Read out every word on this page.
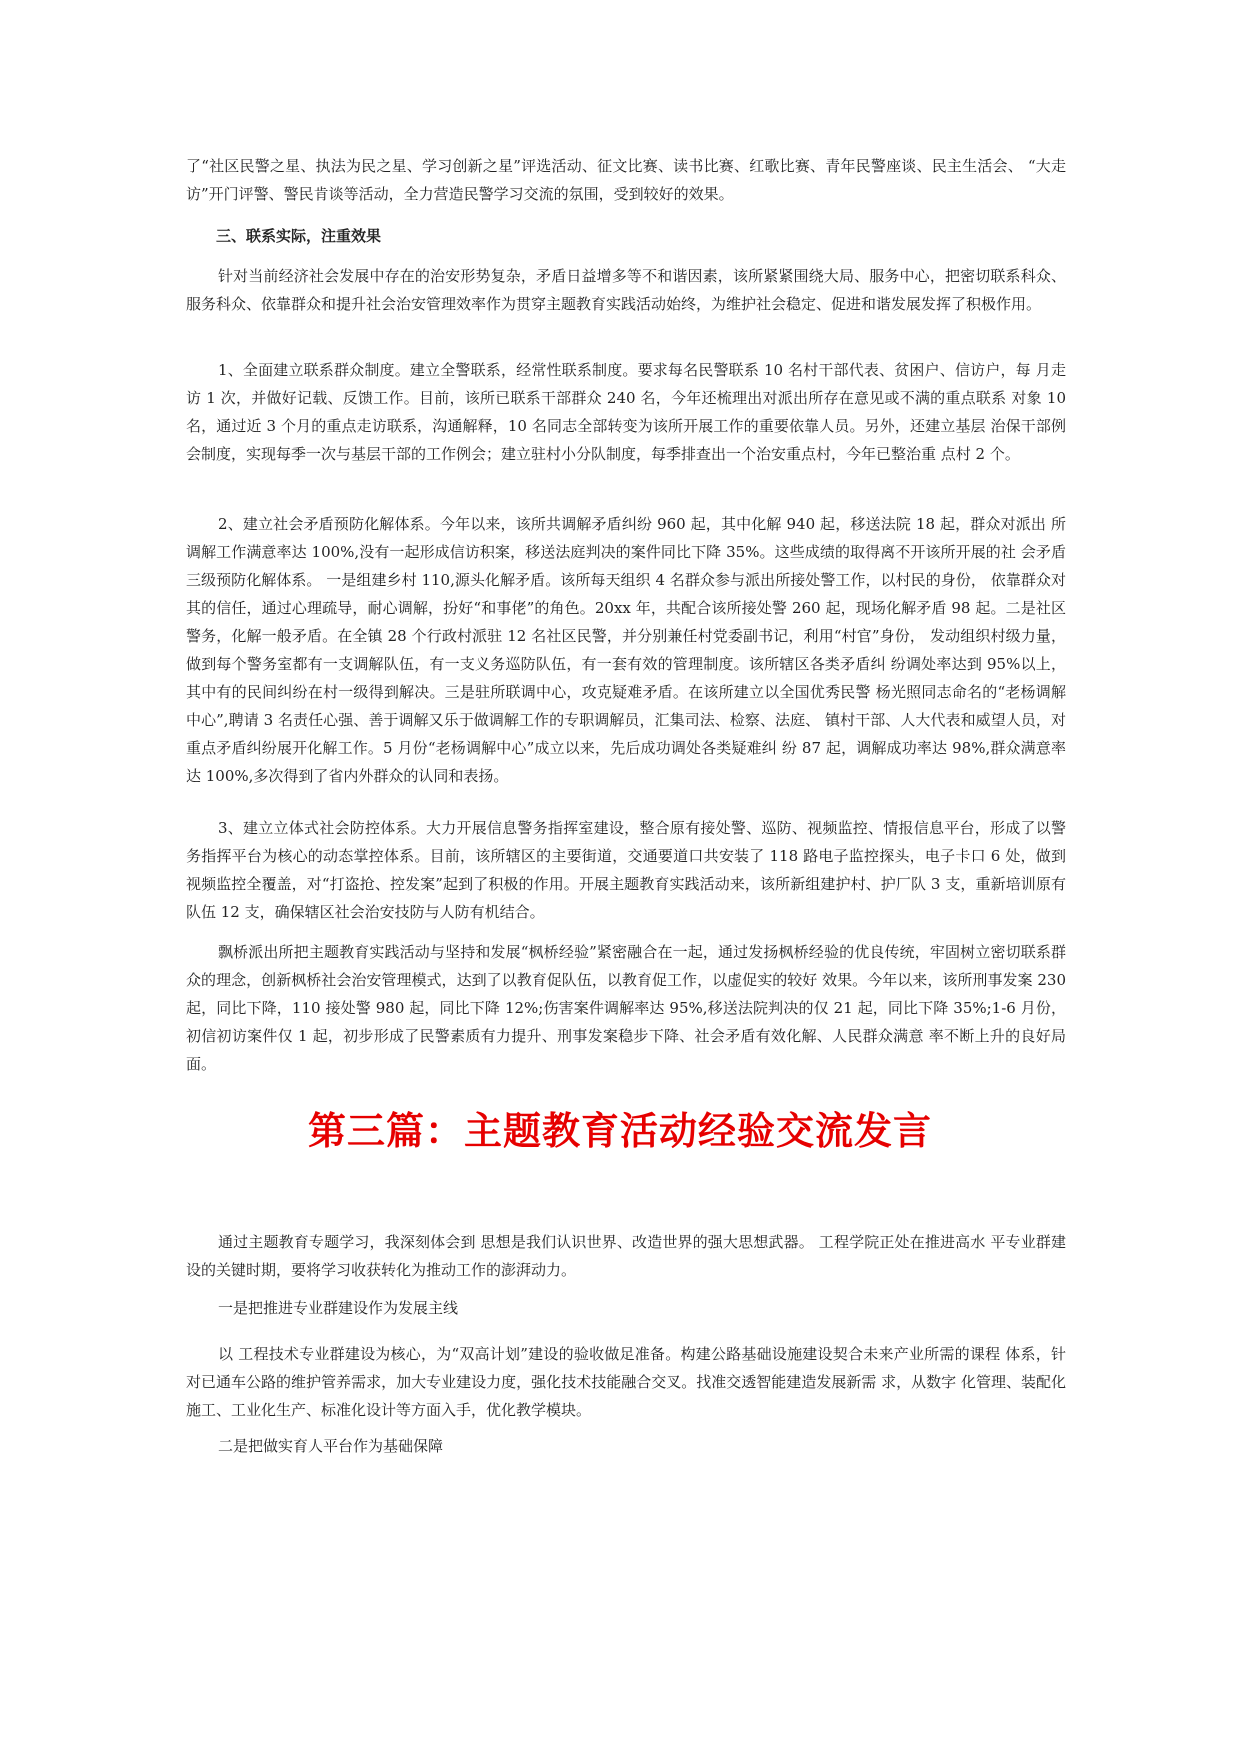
了“社区民警之星、执法为民之星、学习创新之星”评选活动、征文比赛、读书比赛、红歌比赛、青年民警座谈、民主生活会、 “大走访”开门评警、警民肯谈等活动，全力营造民警学习交流的氛围，受到较好的效果。

三、联系实际，注重效果

针对当前经济社会发展中存在的治安形势复杂，矛盾日益增多等不和谐因素，该所紧紧围绕大局、服务中心，把密切联系科众、服务科众、依靠群众和提升社会治安管理效率作为贯穿主题教育实践活动始终，为维护社会稳定、促进和谐发展发挥了积极作用。

1、全面建立联系群众制度。建立全警联系，经常性联系制度。要求每名民警联系 10 名村干部代表、贫困户、信访户，每 月走访 1 次，并做好记载、反馈工作。目前，该所已联系干部群众 240 名，今年还梳理出对派出所存在意见或不满的重点联系 对象 10 名，通过近 3 个月的重点走访联系，沟通解释，10 名同志全部转变为该所开展工作的重要依靠人员。另外，还建立基层 治保干部例会制度，实现每季一次与基层干部的工作例会；建立驻村小分队制度，每季排查出一个治安重点村，今年已整治重 点村 2 个。

2、建立社会矛盾预防化解体系。今年以来，该所共调解矛盾纠纷 960 起，其中化解 940 起，移送法院 18 起，群众对派出 所调解工作满意率达 100%,没有一起形成信访积案，移送法庭判决的案件同比下降 35%。这些成绩的取得离不开该所开展的社 会矛盾三级预防化解体系。 一是组建乡村 110,源头化解矛盾。该所每天组织 4 名群众参与派出所接处警工作，以村民的身份， 依靠群众对其的信任，通过心理疏导，耐心调解，扮好“和事佬”的角色。20xx 年，共配合该所接处警 260 起，现场化解矛盾 98 起。二是社区警务，化解一般矛盾。在全镇 28 个行政村派驻 12 名社区民警，并分别兼任村党委副书记，利用“村官”身份， 发动组织村级力量，做到每个警务室都有一支调解队伍，有一支义务巡防队伍，有一套有效的管理制度。该所辖区各类矛盾纠 纷调处率达到 95%以上，其中有的民间纠纷在村一级得到解决。三是驻所联调中心，攻克疑难矛盾。在该所建立以全国优秀民警 杨光照同志命名的“老杨调解中心”,聘请 3 名责任心强、善于调解又乐于做调解工作的专职调解员，汇集司法、检察、法庭、 镇村干部、人大代表和威望人员，对重点矛盾纠纷展开化解工作。5 月份“老杨调解中心”成立以来，先后成功调处各类疑难纠 纷 87 起，调解成功率达 98%,群众满意率达 100%,多次得到了省内外群众的认同和表扬。

3、建立立体式社会防控体系。大力开展信息警务指挥室建设，整合原有接处警、巡防、视频监控、情报信息平台，形成了以警务指挥平台为核心的动态掌控体系。目前，该所辖区的主要街道，交通要道口共安装了 118 路电子监控探头，电子卡口 6 处，做到视频监控全覆盖，对“打盗抢、控发案”起到了积极的作用。开展主题教育实践活动来，该所新组建护村、护厂队 3 支，重新培训原有队伍 12 支，确保辖区社会治安技防与人防有机结合。

飘桥派出所把主题教育实践活动与坚持和发展“枫桥经验”紧密融合在一起，通过发扬枫桥经验的优良传统，牢固树立密切联系群众的理念，创新枫桥社会治安管理模式，达到了以教育促队伍，以教育促工作，以虚促实的较好 效果。今年以来，该所刑事发案 230 起，同比下降，110 接处警 980 起，同比下降 12%;伤害案件调解率达 95%,移送法院判决的仅 21 起，同比下降 35%;1-6 月份，初信初访案件仅 1 起，初步形成了民警素质有力提升、刑事发案稳步下降、社会矛盾有效化解、人民群众满意 率不断上升的良好局面。

第三篇：主题教育活动经验交流发言

通过主题教育专题学习，我深刻体会到 思想是我们认识世界、改造世界的强大思想武器。 工程学院正处在推进高水 平专业群建设的关键时期，要将学习收获转化为推动工作的澎湃动力。

一是把推进专业群建设作为发展主线

以 工程技术专业群建设为核心，为“双高计划”建设的验收做足准备。构建公路基础设施建设契合未来产业所需的课程 体系，针对已通车公路的维护管养需求，加大专业建设力度，强化技术技能融合交叉。找准交透智能建造发展新需 求，从数字 化管理、装配化施工、工业化生产、标准化设计等方面入手，优化教学模块。

二是把做实育人平台作为基础保障
